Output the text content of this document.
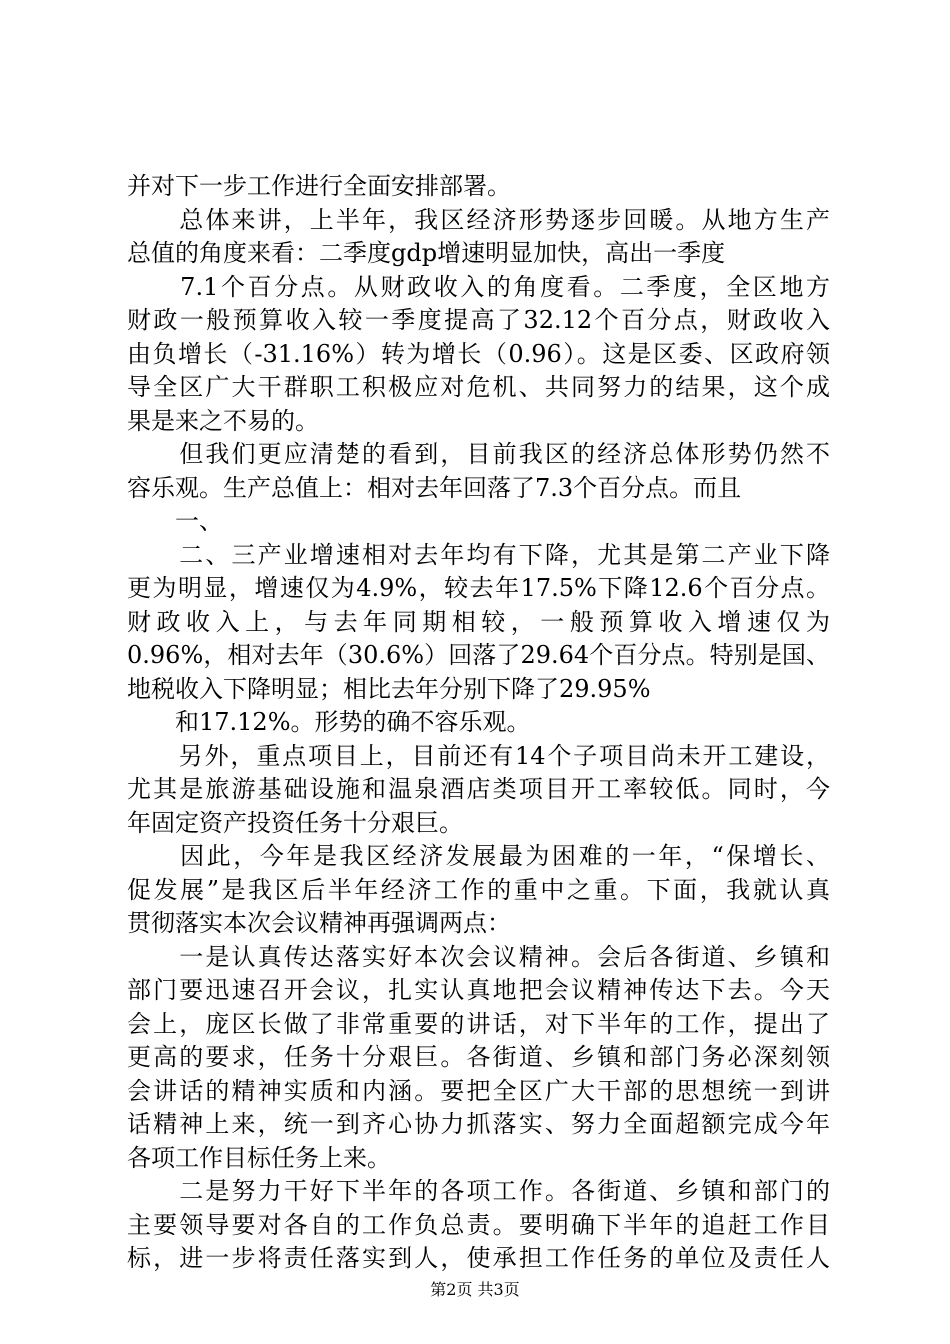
并对下一步工作进行全面安排部署。
　　总体来讲，上半年，我区经济形势逐步回暖。从地方生产
总值的角度来看：二季度gdp增速明显加快，高出一季度
　　7.1个百分点。从财政收入的角度看。二季度，全区地方
财政一般预算收入较一季度提高了32.12个百分点，财政收入
由负增长（-31.16%）转为增长（0.96）。这是区委、区政府领
导全区广大干群职工积极应对危机、共同努力的结果，这个成
果是来之不易的。
　　但我们更应清楚的看到，目前我区的经济总体形势仍然不
容乐观。生产总值上：相对去年回落了7.3个百分点。而且
　　一、
　　二、三产业增速相对去年均有下降，尤其是第二产业下降
更为明显，增速仅为4.9%，较去年17.5%下降12.6个百分点。
财政收入上，与去年同期相较，一般预算收入增速仅为
0.96%，相对去年（30.6%）回落了29.64个百分点。特别是国、
地税收入下降明显；相比去年分别下降了29.95%
　　和17.12%。形势的确不容乐观。
　　另外，重点项目上，目前还有14个子项目尚未开工建设，
尤其是旅游基础设施和温泉酒店类项目开工率较低。同时，今
年固定资产投资任务十分艰巨。
　　因此，今年是我区经济发展最为困难的一年，“保增长、
促发展”是我区后半年经济工作的重中之重。下面，我就认真
贯彻落实本次会议精神再强调两点：
　　一是认真传达落实好本次会议精神。会后各街道、乡镇和
部门要迅速召开会议，扎实认真地把会议精神传达下去。今天
会上，庞区长做了非常重要的讲话，对下半年的工作，提出了
更高的要求，任务十分艰巨。各街道、乡镇和部门务必深刻领
会讲话的精神实质和内涵。要把全区广大干部的思想统一到讲
话精神上来，统一到齐心协力抓落实、努力全面超额完成今年
各项工作目标任务上来。
　　二是努力干好下半年的各项工作。各街道、乡镇和部门的
主要领导要对各自的工作负总责。要明确下半年的追赶工作目
标，进一步将责任落实到人，使承担工作任务的单位及责任人
第2页 共3页
